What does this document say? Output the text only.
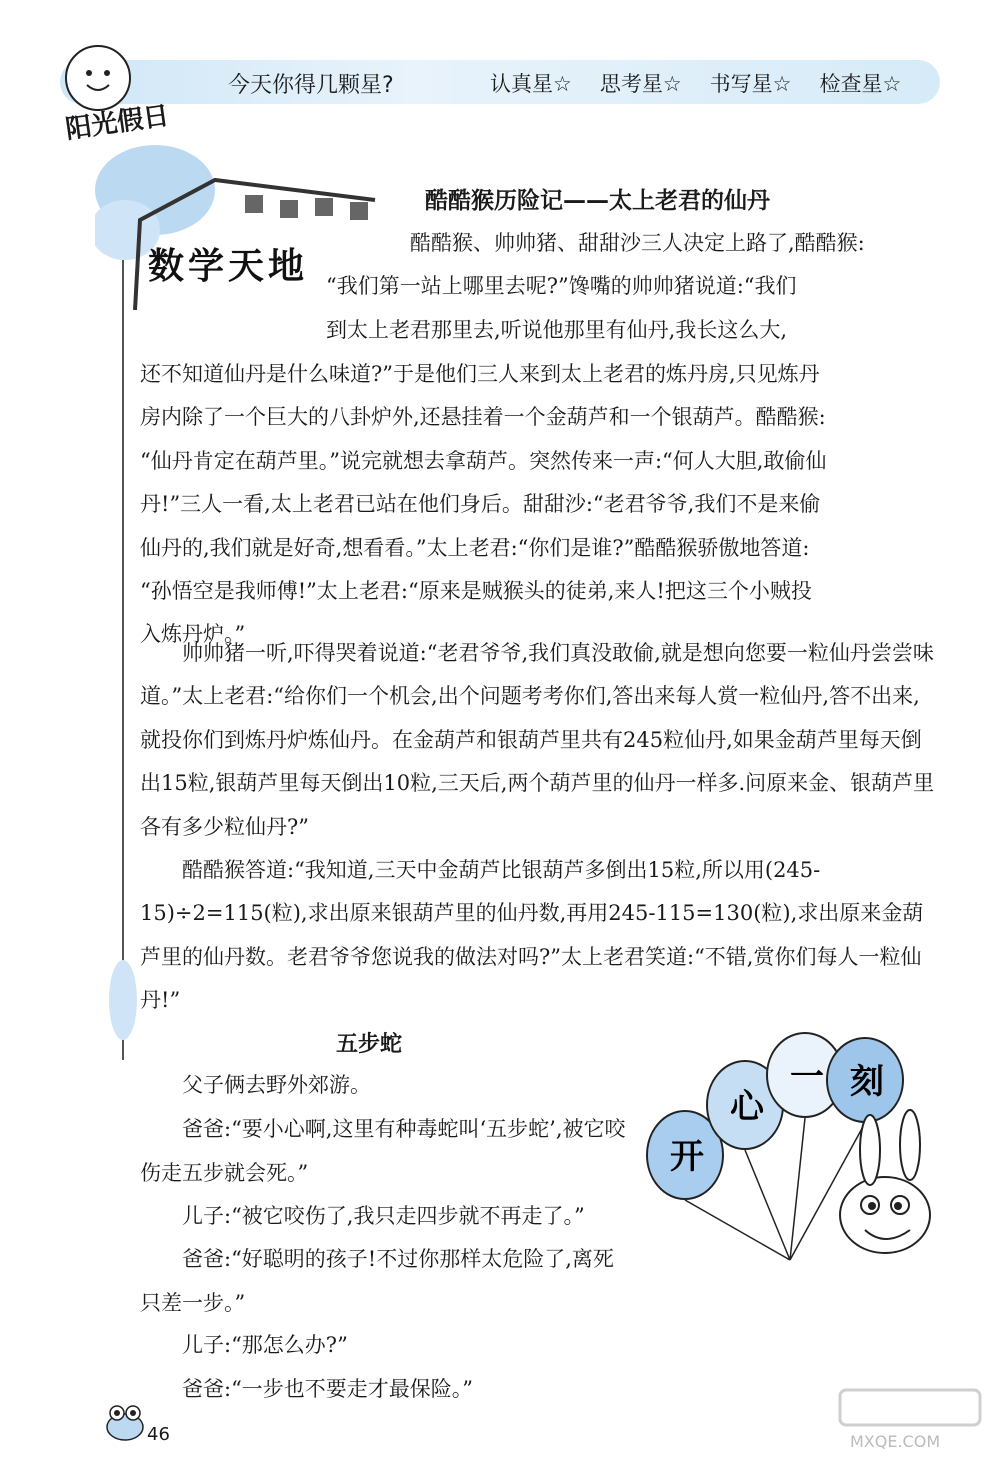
阳光假日
今天你得几颗星?	认真星☆ 思考星☆ 书写星☆ 检查星☆
数学天地
酷酷猴历险记——太上老君的仙丹
酷酷猴、帅帅猪、甜甜沙三人决定上路了,酷酷猴:
“我们第一站上哪里去呢?”馋嘴的帅帅猪说道:“我们
到太上老君那里去,听说他那里有仙丹,我长这么大,
还不知道仙丹是什么味道?”于是他们三人来到太上老君的炼丹房,只见炼丹
房内除了一个巨大的八卦炉外,还悬挂着一个金葫芦和一个银葫芦。酷酷猴:
“仙丹肯定在葫芦里。”说完就想去拿葫芦。突然传来一声:“何人大胆,敢偷仙
丹!”三人一看,太上老君已站在他们身后。甜甜沙:“老君爷爷,我们不是来偷
仙丹的,我们就是好奇,想看看。”太上老君:“你们是谁?”酷酷猴骄傲地答道:
“孙悟空是我师傅!”太上老君:“原来是贼猴头的徒弟,来人!把这三个小贼投
入炼丹炉。”

帅帅猪一听,吓得哭着说道:“老君爷爷,我们真没敢偷,就是想向您要一粒仙丹尝尝味道。”太上老君:“给你们一个机会,出个问题考考你们,答出来每人赏一粒仙丹,答不出来,就投你们到炼丹炉炼仙丹。在金葫芦和银葫芦里共有245粒仙丹,如果金葫芦里每天倒出15粒,银葫芦里每天倒出10粒,三天后,两个葫芦里的仙丹一样多.问原来金、银葫芦里各有多少粒仙丹?”

酷酷猴答道:“我知道,三天中金葫芦比银葫芦多倒出15粒,所以用(245-15)÷2=115(粒),求出原来银葫芦里的仙丹数,再用245-115=130(粒),求出原来金葫芦里的仙丹数。老君爷爷您说我的做法对吗?”太上老君笑道:“不错,赏你们每人一粒仙丹!”

五步蛇

父子俩去野外郊游。

爸爸:“要小心啊,这里有种毒蛇叫‘五步蛇’,被它咬伤走五步就会死。”

儿子:“被它咬伤了,我只走四步就不再走了。”

爸爸:“好聪明的孩子!不过你那样太危险了,离死只差一步。”

儿子:“那怎么办?”

爸爸:“一步也不要走才最保险。”

开
心
一 刻
46	MXQE.COM
